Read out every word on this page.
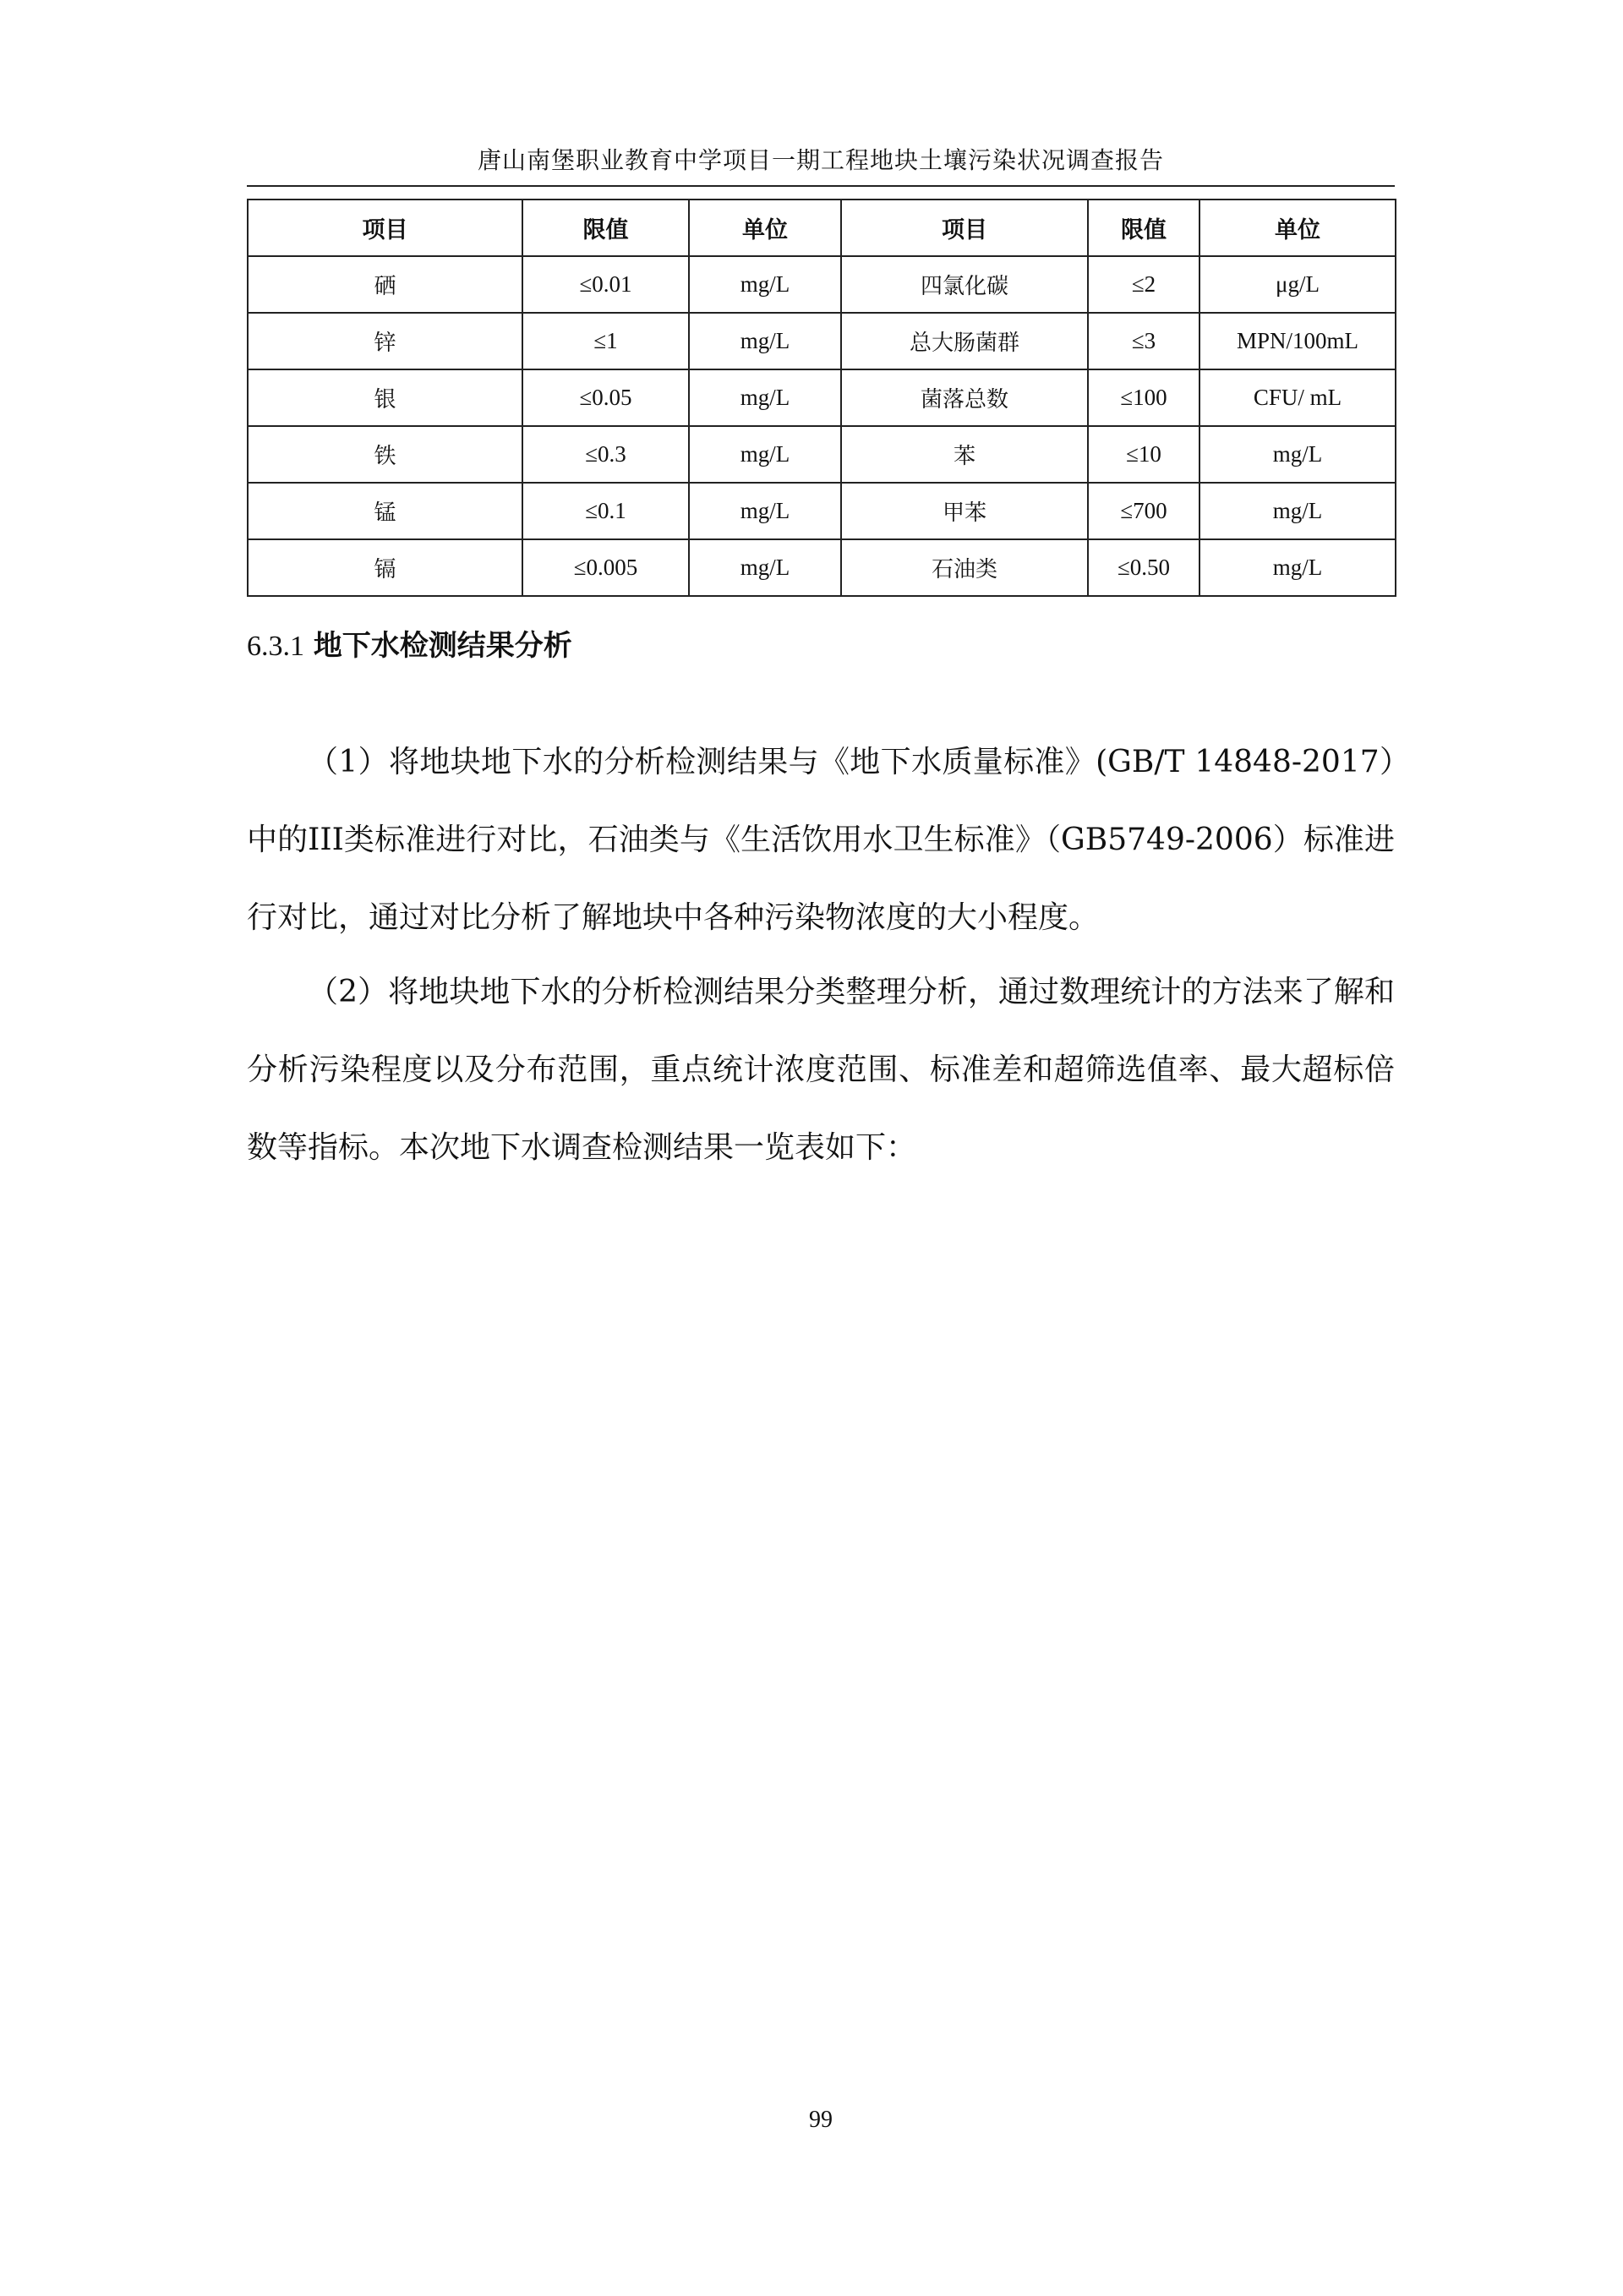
唐山南堡职业教育中学项目一期工程地块土壤污染状况调查报告
项目	限值	单位	项目	限值	单位
硒	≤0.01	mg/L	四氯化碳	≤2	μg/L
锌	≤1	mg/L	总大肠菌群	≤3	MPN/100mL
银	≤0.05	mg/L	菌落总数	≤100	CFU/ mL
铁	≤0.3	mg/L	苯	≤10	mg/L
锰	≤0.1	mg/L	甲苯	≤700	mg/L
镉	≤0.005	mg/L	石油类	≤0.50	mg/L
6.3.1 地下水检测结果分析

（1）将地块地下水的分析检测结果与《地下水质量标准》(GB/T 14848-2017）中的III类标准进行对比，石油类与《生活饮用水卫生标准》（GB5749-2006）标准进行对比，通过对比分析了解地块中各种污染物浓度的大小程度。

（2）将地块地下水的分析检测结果分类整理分析，通过数理统计的方法来了解和分析污染程度以及分布范围，重点统计浓度范围、标准差和超筛选值率、最大超标倍数等指标。本次地下水调查检测结果一览表如下：

99
